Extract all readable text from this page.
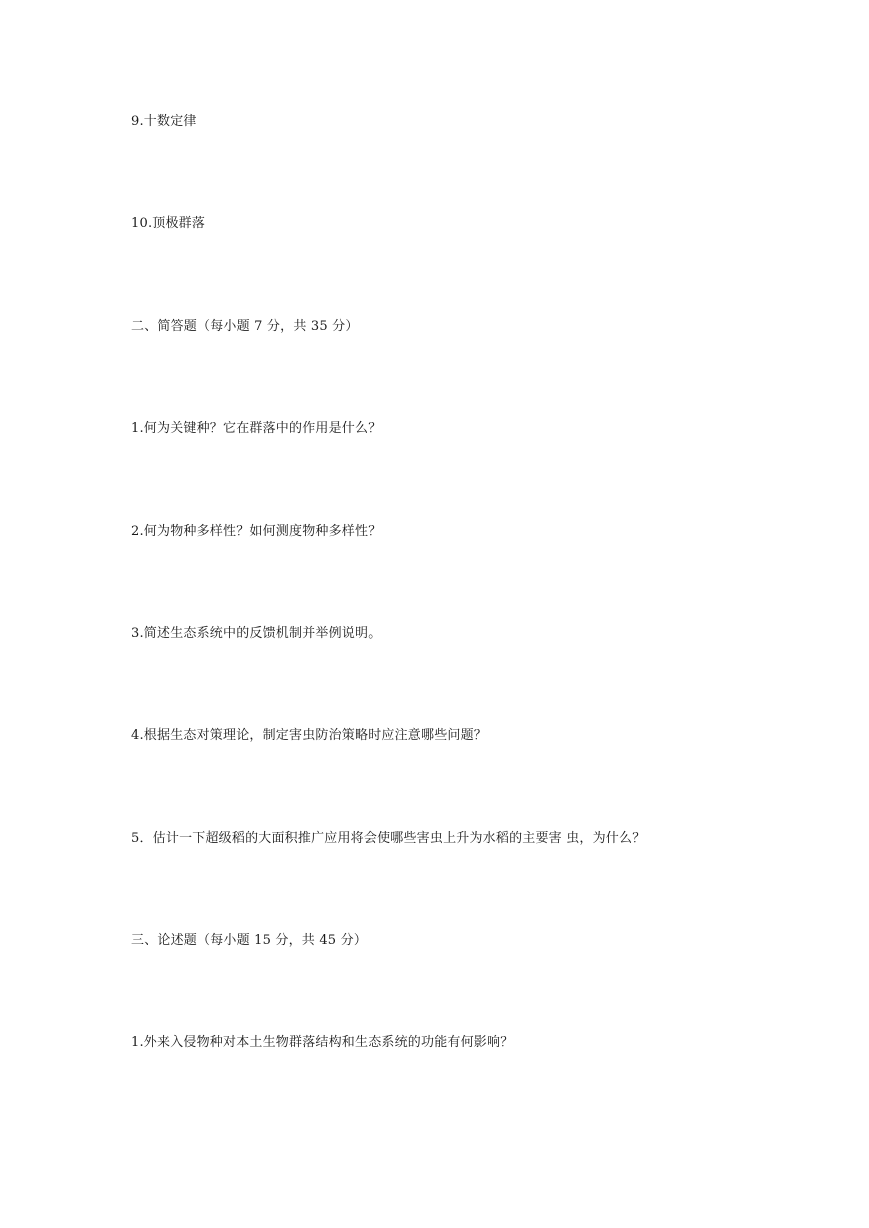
9.十数定律
10.顶极群落
二、简答题（每小题 7 分，共 35 分）
1.何为关键种？它在群落中的作用是什么？
2.何为物种多样性？如何测度物种多样性？
3.简述生态系统中的反馈机制并举例说明。
4.根据生态对策理论，制定害虫防治策略时应注意哪些问题？
5．估计一下超级稻的大面积推广应用将会使哪些害虫上升为水稻的主要害 虫，为什么？
三、论述题（每小题 15 分，共 45 分）
1.外来入侵物种对本土生物群落结构和生态系统的功能有何影响？
